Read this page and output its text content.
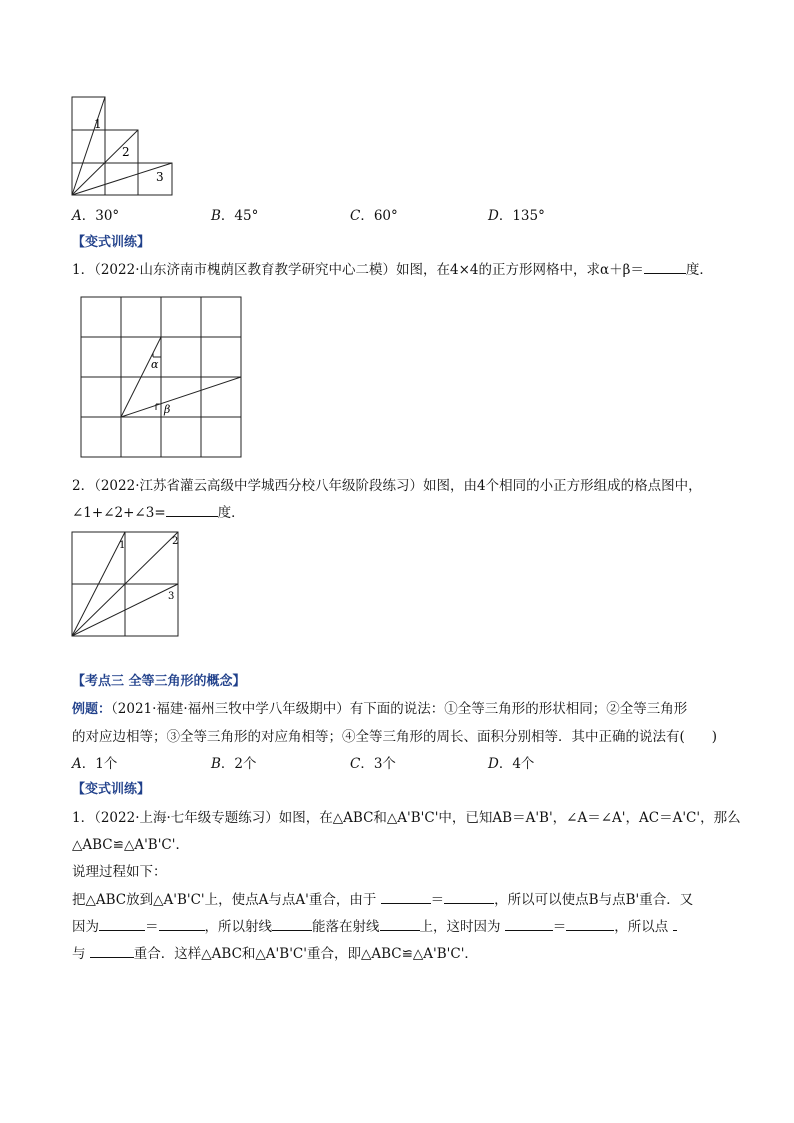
1
2
3
A．30°	B．45°	C．60°	D．135°
【变式训练】
1．（2022·山东济南市槐荫区教育教学研究中心二模）如图，在4×4的正方形网格中，求α＋β＝	度．
α
β
2．（2022·江苏省灌云高级中学城西分校八年级阶段练习）如图，由4个相同的小正方形组成的格点图中，
∠1+∠2+∠3=	度．
1	2
3
【考点三 全等三角形的概念】
例题：（2021·福建·福州三牧中学八年级期中）有下面的说法：①全等三角形的形状相同；②全等三角形
的对应边相等；③全等三角形的对应角相等；④全等三角形的周长、面积分别相等．其中正确的说法有(　　)
A．1个	B．2个	C．3个	D．4个
【变式训练】
1．（2022·上海·七年级专题练习）如图，在△ABC和△A'B'C'中，已知AB＝A'B'，∠A＝∠A'，AC＝A'C'，那么
△ABC≌△A'B'C'．
说理过程如下：
把△ABC放到△A'B'C'上，使点A与点A'重合，由于	＝	，所以可以使点B与点B'重合．又
因为	＝	，所以射线	能落在射线	上，这时因为	＝	，所以点
与	重合．这样△ABC和△A'B'C'重合，即△ABC≌△A'B'C'．
